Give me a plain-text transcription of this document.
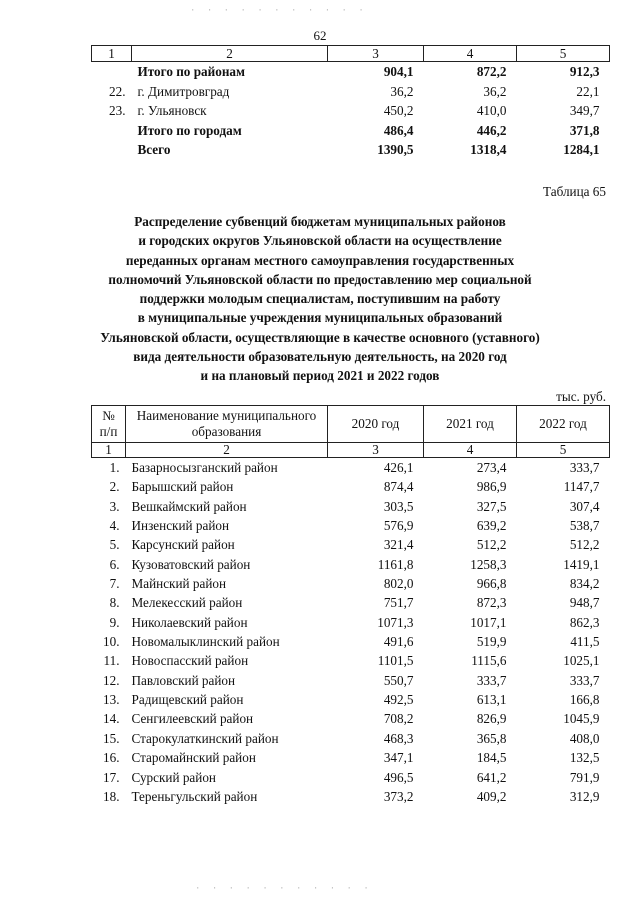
· · · · · · · · · · ·
62
1	2	3	4	5
	Итого по районам	904,1	872,2	912,3
22.	г. Димитровград	36,2	36,2	22,1
23.	г. Ульяновск	450,2	410,0	349,7
	Итого по городам	486,4	446,2	371,8
	Всего	1390,5	1318,4	1284,1
Таблица 65
Распределение субвенций бюджетам муниципальных районов
и городских округов Ульяновской области на осуществление
переданных органам местного самоуправления государственных
полномочий Ульяновской области по предоставлению мер социальной
поддержки молодым специалистам, поступившим на работу
в муниципальные учреждения муниципальных образований
Ульяновской области, осуществляющие в качестве основного (уставного)
вида деятельности образовательную деятельность, на 2020 год
и на плановый период 2021 и 2022 годов
тыс. руб.
№ п/п	Наименование муниципального образования	2020 год	2021 год	2022 год
1	2	3	4	5
1.	Базарносызганский район	426,1	273,4	333,7
2.	Барышский район	874,4	986,9	1147,7
3.	Вешкаймский район	303,5	327,5	307,4
4.	Инзенский район	576,9	639,2	538,7
5.	Карсунский район	321,4	512,2	512,2
6.	Кузоватовский район	1161,8	1258,3	1419,1
7.	Майнский район	802,0	966,8	834,2
8.	Мелекесский район	751,7	872,3	948,7
9.	Николаевский район	1071,3	1017,1	862,3
10.	Новомалыклинский район	491,6	519,9	411,5
11.	Новоспасский район	1101,5	1115,6	1025,1
12.	Павловский район	550,7	333,7	333,7
13.	Радищевский район	492,5	613,1	166,8
14.	Сенгилеевский район	708,2	826,9	1045,9
15.	Старокулаткинский район	468,3	365,8	408,0
16.	Старомайнский район	347,1	184,5	132,5
17.	Сурский район	496,5	641,2	791,9
18.	Тереньгульский район	373,2	409,2	312,9
· · · · · · · · · · ·
